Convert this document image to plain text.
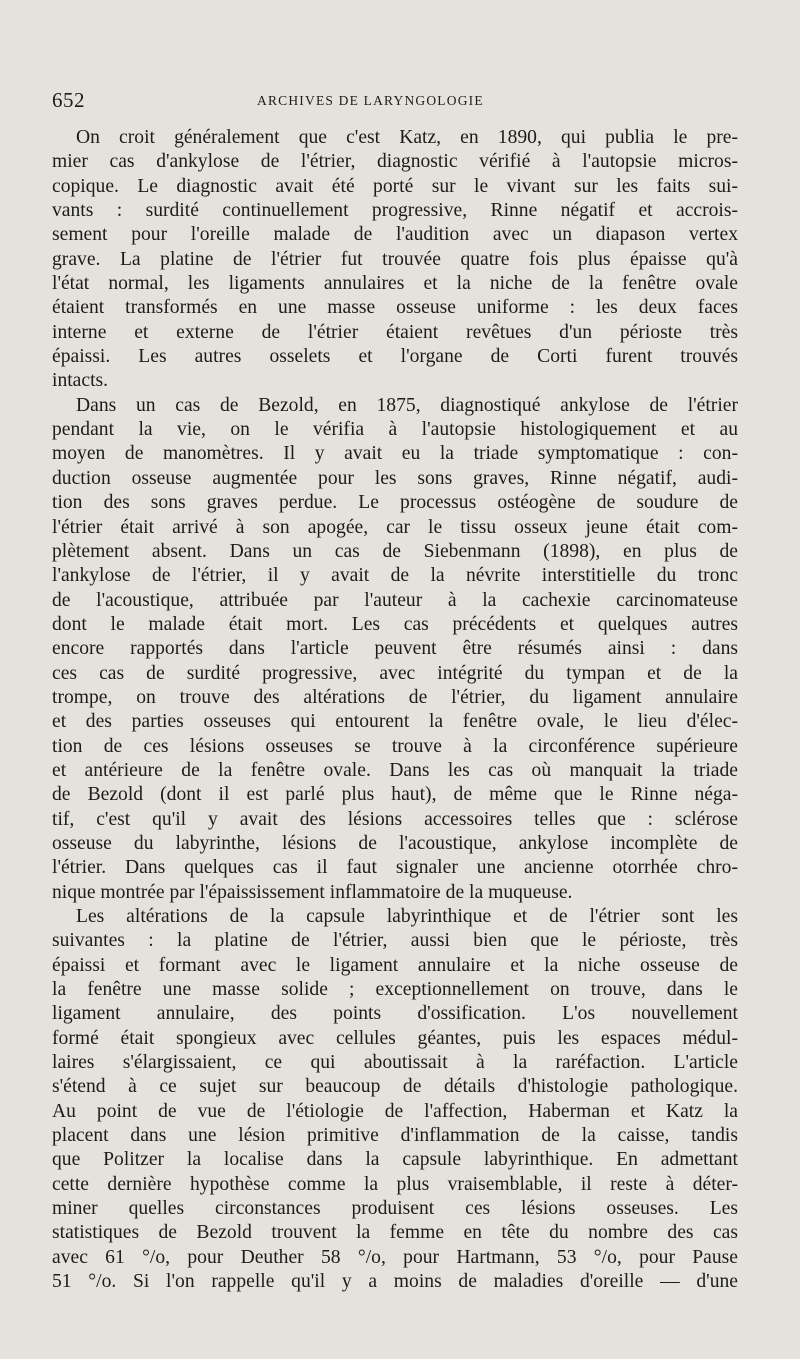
652	ARCHIVES DE LARYNGOLOGIE
On croit généralement que c'est Katz, en 1890, qui publia le pre-
mier cas d'ankylose de l'étrier, diagnostic vérifié à l'autopsie micros-
copique. Le diagnostic avait été porté sur le vivant sur les faits sui-
vants : surdité continuellement progressive, Rinne négatif et accrois-
sement pour l'oreille malade de l'audition avec un diapason vertex
grave. La platine de l'étrier fut trouvée quatre fois plus épaisse qu'à
l'état normal, les ligaments annulaires et la niche de la fenêtre ovale
étaient transformés en une masse osseuse uniforme : les deux faces
interne et externe de l'étrier étaient revêtues d'un périoste très
épaissi. Les autres osselets et l'organe de Corti furent trouvés
intacts.
Dans un cas de Bezold, en 1875, diagnostiqué ankylose de l'étrier
pendant la vie, on le vérifia à l'autopsie histologiquement et au
moyen de manomètres. Il y avait eu la triade symptomatique : con-
duction osseuse augmentée pour les sons graves, Rinne négatif, audi-
tion des sons graves perdue. Le processus ostéogène de soudure de
l'étrier était arrivé à son apogée, car le tissu osseux jeune était com-
plètement absent. Dans un cas de Siebenmann (1898), en plus de
l'ankylose de l'étrier, il y avait de la névrite interstitielle du tronc
de l'acoustique, attribuée par l'auteur à la cachexie carcinomateuse
dont le malade était mort. Les cas précédents et quelques autres
encore rapportés dans l'article peuvent être résumés ainsi : dans
ces cas de surdité progressive, avec intégrité du tympan et de la
trompe, on trouve des altérations de l'étrier, du ligament annulaire
et des parties osseuses qui entourent la fenêtre ovale, le lieu d'élec-
tion de ces lésions osseuses se trouve à la circonférence supérieure
et antérieure de la fenêtre ovale. Dans les cas où manquait la triade
de Bezold (dont il est parlé plus haut), de même que le Rinne néga-
tif, c'est qu'il y avait des lésions accessoires telles que : sclérose
osseuse du labyrinthe, lésions de l'acoustique, ankylose incomplète de
l'étrier. Dans quelques cas il faut signaler une ancienne otorrhée chro-
nique montrée par l'épaississement inflammatoire de la muqueuse.
Les altérations de la capsule labyrinthique et de l'étrier sont les
suivantes : la platine de l'étrier, aussi bien que le périoste, très
épaissi et formant avec le ligament annulaire et la niche osseuse de
la fenêtre une masse solide ; exceptionnellement on trouve, dans le
ligament annulaire, des points d'ossification. L'os nouvellement
formé était spongieux avec cellules géantes, puis les espaces médul-
laires s'élargissaient, ce qui aboutissait à la raréfaction. L'article
s'étend à ce sujet sur beaucoup de détails d'histologie pathologique.
Au point de vue de l'étiologie de l'affection, Haberman et Katz la
placent dans une lésion primitive d'inflammation de la caisse, tandis
que Politzer la localise dans la capsule labyrinthique. En admettant
cette dernière hypothèse comme la plus vraisemblable, il reste à déter-
miner quelles circonstances produisent ces lésions osseuses. Les
statistiques de Bezold trouvent la femme en tête du nombre des cas
avec 61 °/o, pour Deuther 58 °/o, pour Hartmann, 53 °/o, pour Pause
51 °/o. Si l'on rappelle qu'il y a moins de maladies d'oreille — d'une
